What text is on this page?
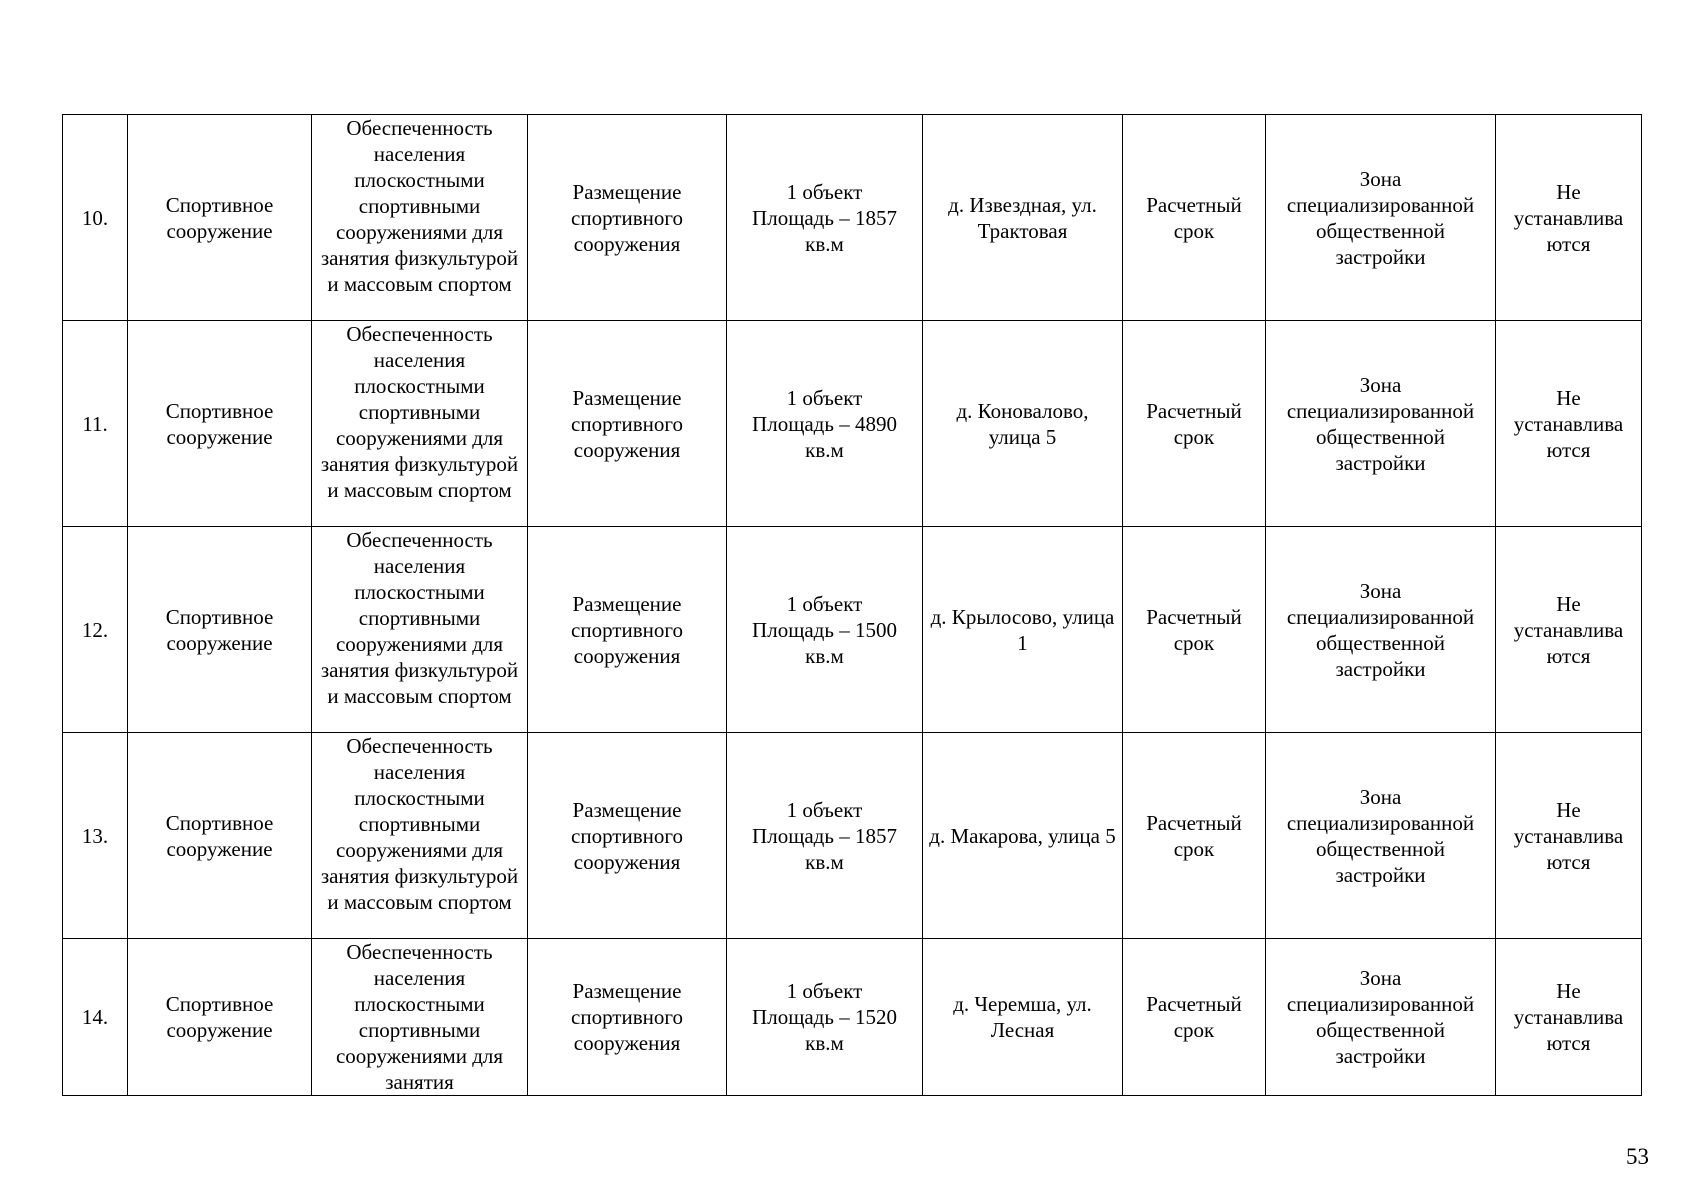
10.	Спортивное сооружение	Обеспеченность населения плоскостными спортивными сооружениями для занятия физкультурой и массовым спортом	Размещение спортивного сооружения	1 объект
Площадь – 1857
кв.м	д. Извездная, ул. Трактовая	Расчетный срок	Зона специализированной общественной застройки	Не устанавлива ются
11.	Спортивное сооружение	Обеспеченность населения плоскостными спортивными сооружениями для занятия физкультурой и массовым спортом	Размещение спортивного сооружения	1 объект
Площадь – 4890
кв.м	д. Коновалово, улица 5	Расчетный срок	Зона специализированной общественной застройки	Не устанавлива ются
12.	Спортивное сооружение	Обеспеченность населения плоскостными спортивными сооружениями для занятия физкультурой и массовым спортом	Размещение спортивного сооружения	1 объект
Площадь – 1500
кв.м	д. Крылосово, улица 1	Расчетный срок	Зона специализированной общественной застройки	Не устанавлива ются
13.	Спортивное сооружение	Обеспеченность населения плоскостными спортивными сооружениями для занятия физкультурой и массовым спортом	Размещение спортивного сооружения	1 объект
Площадь – 1857
кв.м	д. Макарова, улица 5	Расчетный срок	Зона специализированной общественной застройки	Не устанавлива ются
14.	Спортивное сооружение	Обеспеченность населения плоскостными спортивными сооружениями для занятия	Размещение спортивного сооружения	1 объект
Площадь – 1520
кв.м	д. Черемша, ул. Лесная	Расчетный срок	Зона специализированной общественной застройки	Не устанавлива ются
53
